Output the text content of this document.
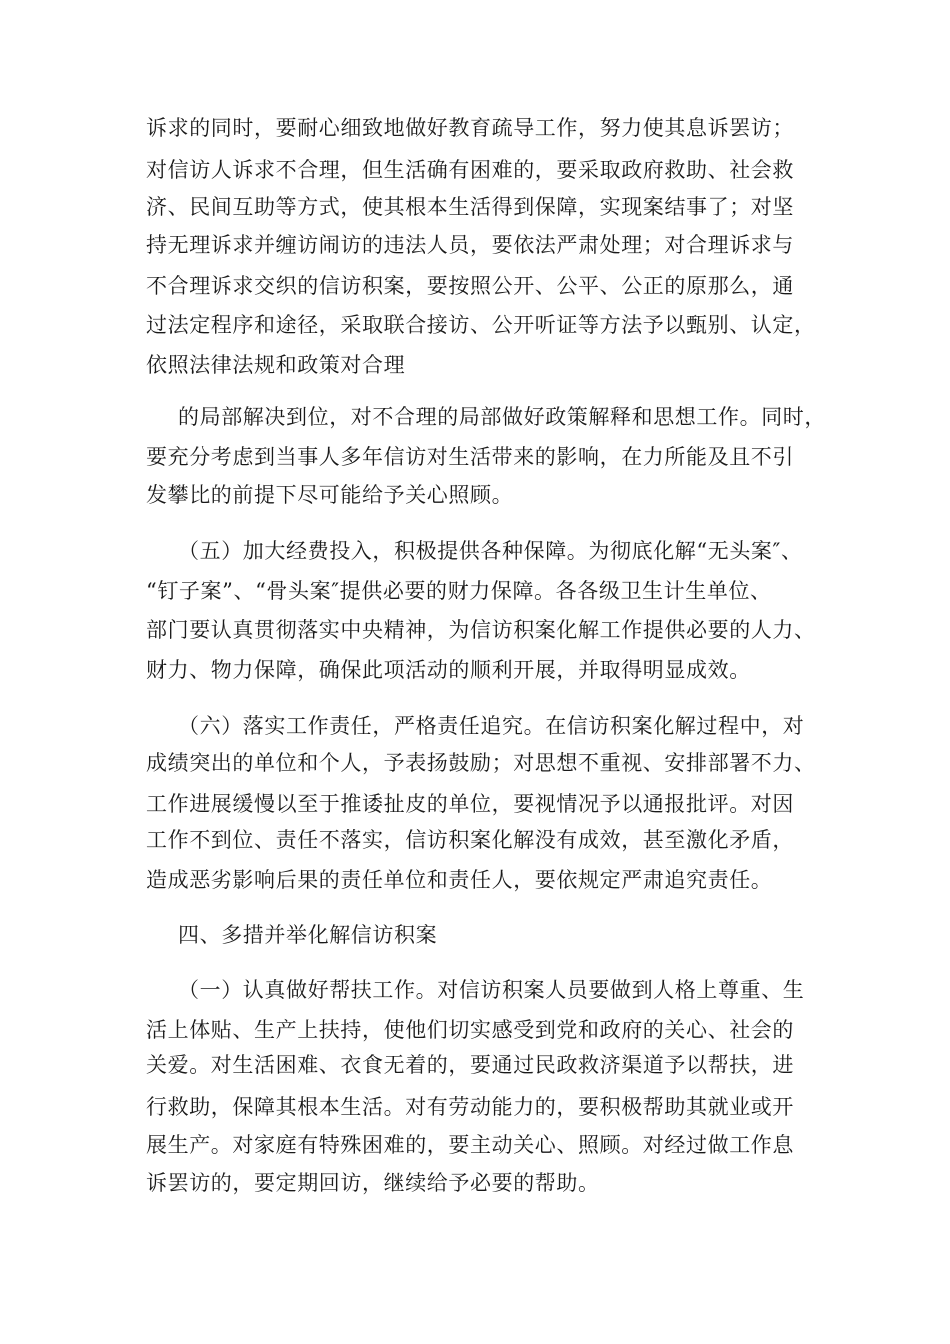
诉求的同时，要耐心细致地做好教育疏导工作，努力使其息诉罢访；
对信访人诉求不合理，但生活确有困难的，要采取政府救助、社会救
济、民间互助等方式，使其根本生活得到保障，实现案结事了；对坚
持无理诉求并缠访闹访的违法人员，要依法严肃处理；对合理诉求与
不合理诉求交织的信访积案，要按照公开、公平、公正的原那么，通
过法定程序和途径，采取联合接访、公开听证等方法予以甄别、认定，
依照法律法规和政策对合理
的局部解决到位，对不合理的局部做好政策解释和思想工作。同时，
要充分考虑到当事人多年信访对生活带来的影响，在力所能及且不引
发攀比的前提下尽可能给予关心照顾。
（五）加大经费投入，积极提供各种保障。为彻底化解“无头案″、
“钉子案”、“骨头案″提供必要的财力保障。各各级卫生计生单位、
部门要认真贯彻落实中央精神，为信访积案化解工作提供必要的人力、
财力、物力保障，确保此项活动的顺利开展，并取得明显成效。
（六）落实工作责任，严格责任追究。在信访积案化解过程中，对
成绩突出的单位和个人，予表扬鼓励；对思想不重视、安排部署不力、
工作进展缓慢以至于推诿扯皮的单位，要视情况予以通报批评。对因
工作不到位、责任不落实，信访积案化解没有成效，甚至激化矛盾，
造成恶劣影响后果的责任单位和责任人，要依规定严肃追究责任。
四、多措并举化解信访积案
（一）认真做好帮扶工作。对信访积案人员要做到人格上尊重、生
活上体贴、生产上扶持，使他们切实感受到党和政府的关心、社会的
关爱。对生活困难、衣食无着的，要通过民政救济渠道予以帮扶，进
行救助，保障其根本生活。对有劳动能力的，要积极帮助其就业或开
展生产。对家庭有特殊困难的，要主动关心、照顾。对经过做工作息
诉罢访的，要定期回访，继续给予必要的帮助。
